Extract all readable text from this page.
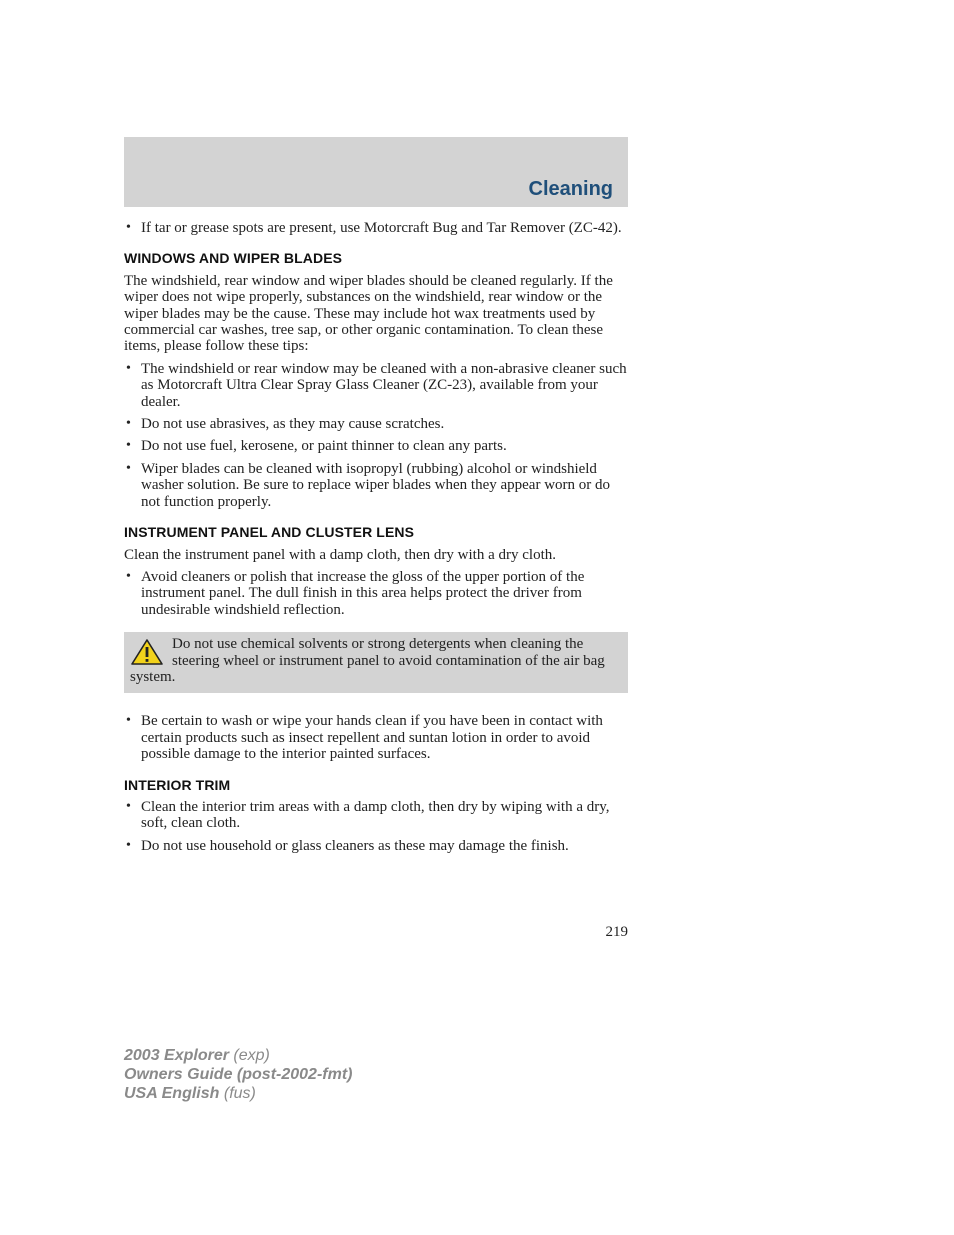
Cleaning
• If tar or grease spots are present, use Motorcraft Bug and Tar Remover (ZC-42).
WINDOWS AND WIPER BLADES

The windshield, rear window and wiper blades should be cleaned regularly. If the wiper does not wipe properly, substances on the windshield, rear window or the wiper blades may be the cause. These may include hot wax treatments used by commercial car washes, tree sap, or other organic contamination. To clean these items, please follow these tips:

• The windshield or rear window may be cleaned with a non-abrasive cleaner such as Motorcraft Ultra Clear Spray Glass Cleaner (ZC-23), available from your dealer.
• Do not use abrasives, as they may cause scratches.
• Do not use fuel, kerosene, or paint thinner to clean any parts.
• Wiper blades can be cleaned with isopropyl (rubbing) alcohol or windshield washer solution. Be sure to replace wiper blades when they appear worn or do not function properly.
INSTRUMENT PANEL AND CLUSTER LENS

Clean the instrument panel with a damp cloth, then dry with a dry cloth.

• Avoid cleaners or polish that increase the gloss of the upper portion of the instrument panel. The dull finish in this area helps protect the driver from undesirable windshield reflection.
Do not use chemical solvents or strong detergents when cleaning the steering wheel or instrument panel to avoid contamination of the air bag system.
• Be certain to wash or wipe your hands clean if you have been in contact with certain products such as insect repellent and suntan lotion in order to avoid possible damage to the interior painted surfaces.
INTERIOR TRIM
• Clean the interior trim areas with a damp cloth, then dry by wiping with a dry, soft, clean cloth.
• Do not use household or glass cleaners as these may damage the finish.
219
2003 Explorer (exp)
Owners Guide (post-2002-fmt)
USA English (fus)
